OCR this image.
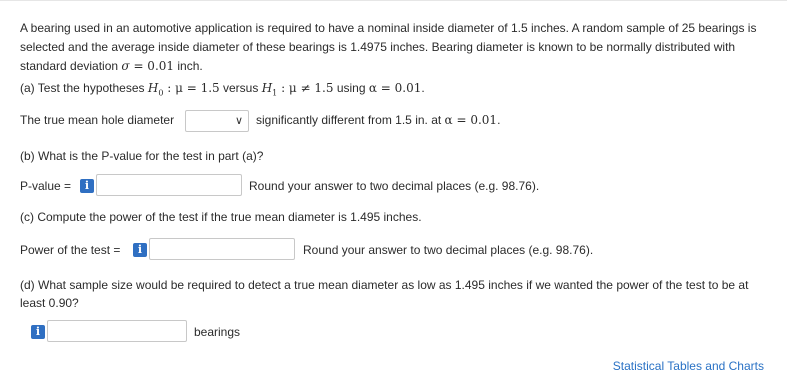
A bearing used in an automotive application is required to have a nominal inside diameter of 1.5 inches. A random sample of 25 bearings is selected and the average inside diameter of these bearings is 1.4975 inches. Bearing diameter is known to be normally distributed with standard deviation σ = 0.01 inch.
(a) Test the hypotheses $H_0$ : μ = 1.5 versus $H_1$ : μ ≠ 1.5 using α = 0.01.
The true mean hole diameter	∨ significantly different from 1.5 in. at α = 0.01.
(b) What is the P-value for the test in part (a)?
P-value =	i	Round your answer to two decimal places (e.g. 98.76).
(c) Compute the power of the test if the true mean diameter is 1.495 inches.
Power of the test =	i	Round your answer to two decimal places (e.g. 98.76).
(d) What sample size would be required to detect a true mean diameter as low as 1.495 inches if we wanted the power of the test to be at least 0.90?
i	bearings
Statistical Tables and Charts
